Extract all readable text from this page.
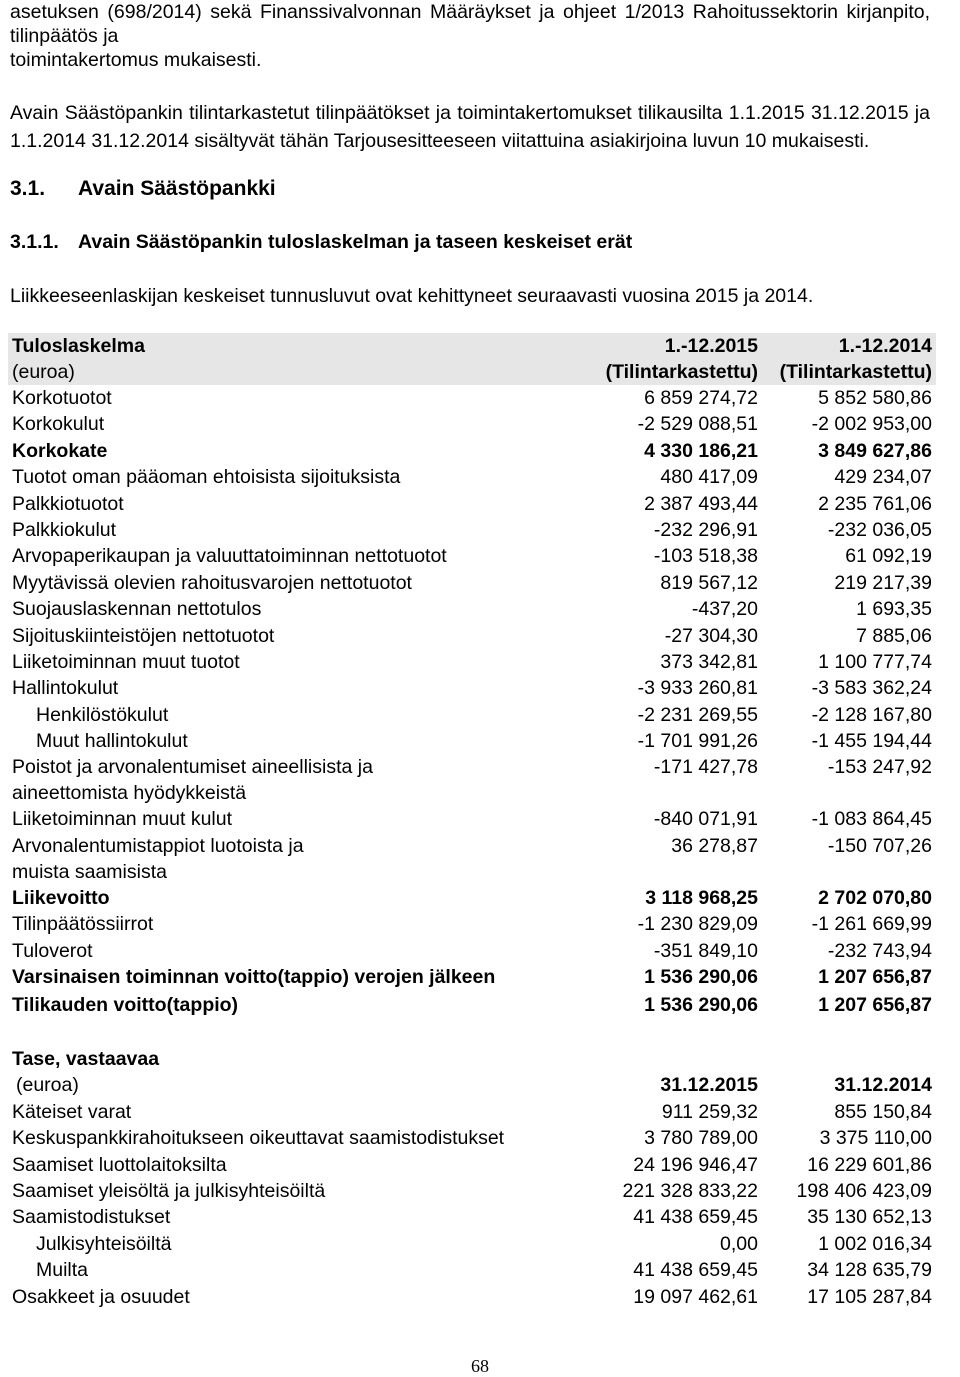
asetuksen (698/2014) sekä Finanssivalvonnan Määräykset ja ohjeet 1/2013 Rahoitussektorin kirjanpito,
tilinpäätös ja
toimintakertomus mukaisesti.
Avain Säästöpankin tilintarkastetut tilinpäätökset ja toimintakertomukset tilikausilta 1.1.2015 31.12.2015 ja
1.1.2014 31.12.2014 sisältyvät tähän Tarjousesitteeseen viitattuina asiakirjoina luvun 10 mukaisesti.
3.1. Avain Säästöpankki
3.1.1. Avain Säästöpankin tuloslaskelman ja taseen keskeiset erät
Liikkeeseenlaskijan keskeiset tunnusluvut ovat kehittyneet seuraavasti vuosina 2015 ja 2014.
Tuloslaskelma	1.-12.2015	1.-12.2014
(euroa)	(Tilintarkastettu)	(Tilintarkastettu)
Korkotuotot	6 859 274,72	5 852 580,86
Korkokulut	-2 529 088,51	-2 002 953,00
Korkokate	4 330 186,21	3 849 627,86
Tuotot oman pääoman ehtoisista sijoituksista	480 417,09	429 234,07
Palkkiotuotot	2 387 493,44	2 235 761,06
Palkkiokulut	-232 296,91	-232 036,05
Arvopaperikaupan ja valuuttatoiminnan nettotuotot	-103 518,38	61 092,19
Myytävissä olevien rahoitusvarojen nettotuotot	819 567,12	219 217,39
Suojauslaskennan nettotulos	-437,20	1 693,35
Sijoituskiinteistöjen nettotuotot	-27 304,30	7 885,06
Liiketoiminnan muut tuotot	373 342,81	1 100 777,74
Hallintokulut	-3 933 260,81	-3 583 362,24
Henkilöstökulut	-2 231 269,55	-2 128 167,80
Muut hallintokulut	-1 701 991,26	-1 455 194,44

Poistot ja arvonalentumiset aineellisista ja aineettomista hyödykkeistä	-171 427,78	-153 247,92
Liiketoiminnan muut kulut	-840 071,91	-1 083 864,45

Arvonalentumistappiot luotoista ja muista saamisista	36 278,87	-150 707,26
Liikevoitto	3 118 968,25	2 702 070,80
Tilinpäätössiirrot	-1 230 829,09	-1 261 669,99
Tuloverot	-351 849,10	-232 743,94
Varsinaisen toiminnan voitto(tappio) verojen jälkeen	1 536 290,06	1 207 656,87
Tilikauden voitto(tappio)	1 536 290,06	1 207 656,87
Tase, vastaavaa		
(euroa)	31.12.2015	31.12.2014
Käteiset varat	911 259,32	855 150,84
Keskuspankkirahoitukseen oikeuttavat saamistodistukset	3 780 789,00	3 375 110,00
Saamiset luottolaitoksilta	24 196 946,47	16 229 601,86
Saamiset yleisöltä ja julkisyhteisöiltä	221 328 833,22	198 406 423,09
Saamistodistukset	41 438 659,45	35 130 652,13
Julkisyhteisöiltä	0,00	1 002 016,34
Muilta	41 438 659,45	34 128 635,79
Osakkeet ja osuudet	19 097 462,61	17 105 287,84
68
